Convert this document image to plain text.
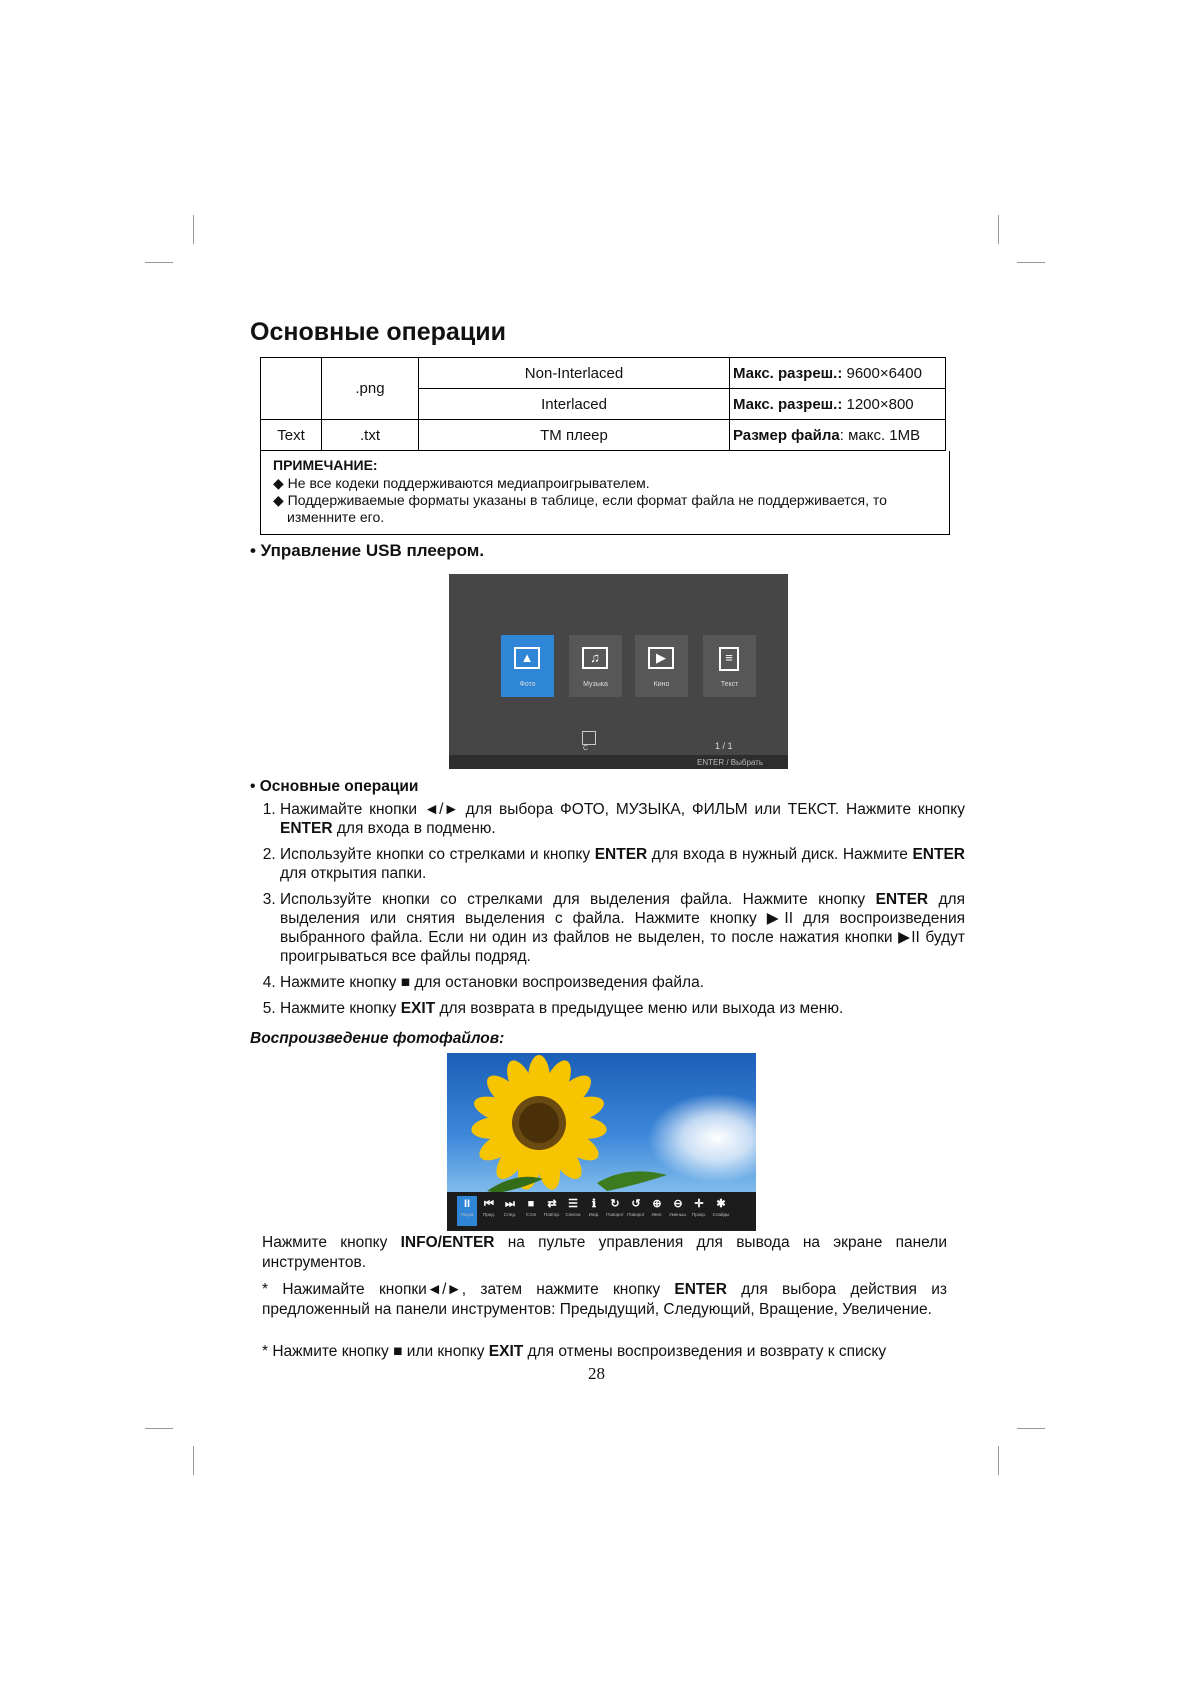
Основные операции
	.png	Non-Interlaced	Макс. разреш.: 9600×6400
		Interlaced	Макс. разреш.: 1200×800
Text	.txt	TM плеер	Размер файла: макс. 1MB
ПРИМЕЧАНИЕ:
◆ Не все кодеки поддерживаются медиапроигрывателем.
◆ Поддерживаемые форматы указаны в таблице, если формат файла не поддерживается, то
изменните его.
• Управление USB плеером.
▲
Фото
♫
Музыка
▶
Кино
≡
Текст
C	1 / 1
ENTER / Выбрать
• Основные операции
1. Нажимайте кнопки ◄/► для выбора ФОТО, МУЗЫКА, ФИЛЬМ или ТЕКСТ. Нажмите кнопку ENTER для входа в подменю.
2. Используйте кнопки со стрелками и кнопку ENTER для входа в нужный диск. Нажмите ENTER для открытия папки.
3. Используйте кнопки со стрелками для выделения файла. Нажмите кнопку ENTER для выделения или снятия выделения с файла. Нажмите кнопку ▶II для воспроизведения выбранного файла. Если ни один из файлов не выделен, то после нажатия кнопки ▶II будут проигрываться все файлы подряд.
4. Нажмите кнопку ■ для остановки воспроизведения файла.
5. Нажмите кнопку EXIT для возврата в предыдущее меню или выхода из меню.
Воспроизведение фотофайлов:
II
Пауза
⏮
Пред.
⏭
След.
■
Стоп
⇄
Повтор.
☰
Список
ℹ
Инф.
↻
Поворот
↺
Поворот
⊕
Увел.
⊖
Уменьш.
✛
Прокр.
✱
Слайды
Нажмите кнопку INFO/ENTER на пульте управления для вывода на экране панели инструментов.
* Нажимайте кнопки◄/►, затем нажмите кнопку ENTER для выбора действия из предложенный на панели инструментов: Предыдущий, Следующий, Вращение, Увеличение.
* Нажмите кнопку ■ или кнопку EXIT для отмены воспроизведения и возврату к списку
28
